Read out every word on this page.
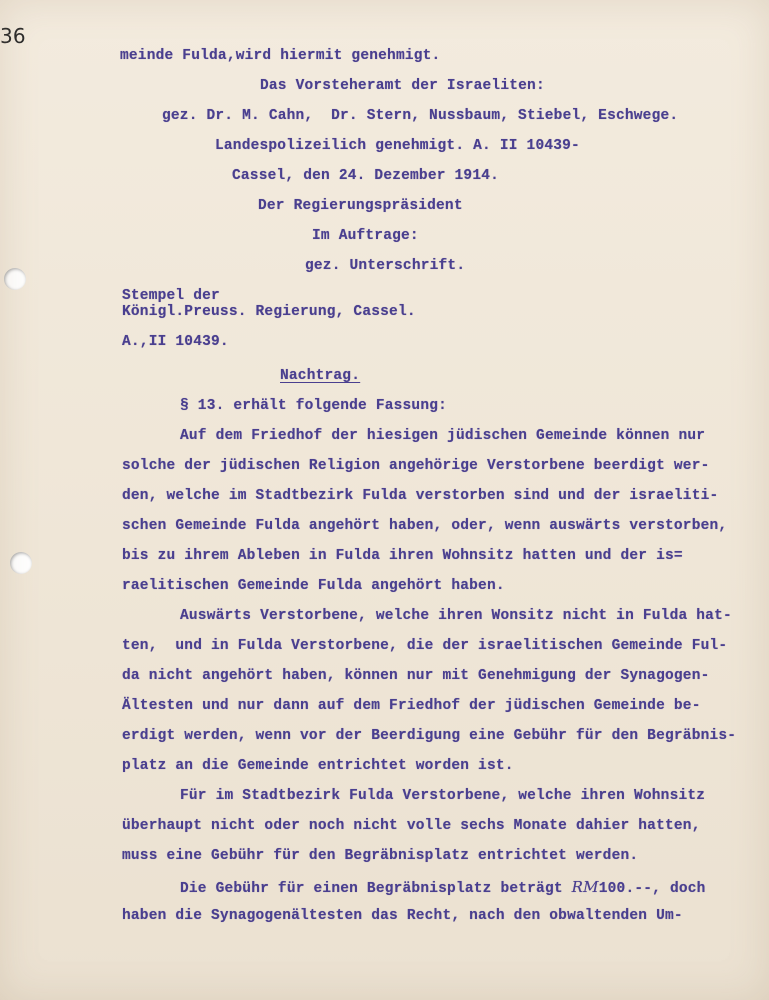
36
meinde Fulda,wird hiermit genehmigt.
Das Vorsteheramt der Israeliten:
gez. Dr. M. Cahn,  Dr. Stern, Nussbaum, Stiebel, Eschwege.
Landespolizeilich genehmigt. A. II 10439-
Cassel, den 24. Dezember 1914.
Der Regierungspräsident
Im Auftrage:
gez. Unterschrift.
Stempel der
Königl.Preuss. Regierung, Cassel.
A.,II 10439.
Nachtrag.
§ 13. erhält folgende Fassung:
Auf dem Friedhof der hiesigen jüdischen Gemeinde können nur
solche der jüdischen Religion angehörige Verstorbene beerdigt wer-
den, welche im Stadtbezirk Fulda verstorben sind und der israeliti-
schen Gemeinde Fulda angehört haben, oder, wenn auswärts verstorben,
bis zu ihrem Ableben in Fulda ihren Wohnsitz hatten und der is=
raelitischen Gemeinde Fulda angehört haben.
Auswärts Verstorbene, welche ihren Wonsitz nicht in Fulda hat-
ten,  und in Fulda Verstorbene, die der israelitischen Gemeinde Ful-
da nicht angehört haben, können nur mit Genehmigung der Synagogen-
Ältesten und nur dann auf dem Friedhof der jüdischen Gemeinde be-
erdigt werden, wenn vor der Beerdigung eine Gebühr für den Begräbnis-
platz an die Gemeinde entrichtet worden ist.
Für im Stadtbezirk Fulda Verstorbene, welche ihren Wohnsitz
überhaupt nicht oder noch nicht volle sechs Monate dahier hatten,
muss eine Gebühr für den Begräbnisplatz entrichtet werden.
Die Gebühr für einen Begräbnisplatz beträgt RM100.--, doch
haben die Synagogenältesten das Recht, nach den obwaltenden Um-
